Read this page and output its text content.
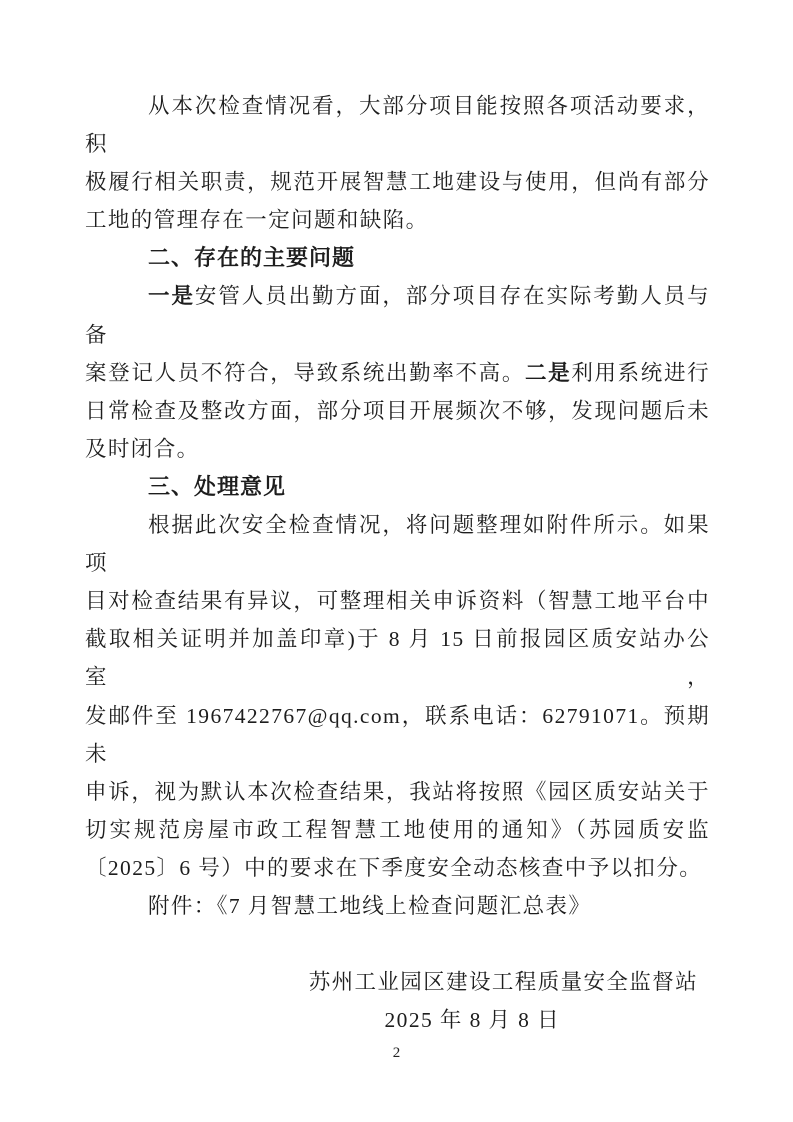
从本次检查情况看，大部分项目能按照各项活动要求，积
极履行相关职责，规范开展智慧工地建设与使用，但尚有部分
工地的管理存在一定问题和缺陷。
二、存在的主要问题
一是安管人员出勤方面，部分项目存在实际考勤人员与备
案登记人员不符合，导致系统出勤率不高。二是利用系统进行
日常检查及整改方面，部分项目开展频次不够，发现问题后未
及时闭合。
三、处理意见
根据此次安全检查情况，将问题整理如附件所示。如果项
目对检查结果有异议，可整理相关申诉资料（智慧工地平台中
截取相关证明并加盖印章)于 8 月 15 日前报园区质安站办公室，
发邮件至 1967422767@qq.com，联系电话：62791071。预期未
申诉，视为默认本次检查结果，我站将按照《园区质安站关于
切实规范房屋市政工程智慧工地使用的通知》（苏园质安监
〔2025〕6 号）中的要求在下季度安全动态核查中予以扣分。
附件：《7 月智慧工地线上检查问题汇总表》
苏州工业园区建设工程质量安全监督站
2025 年 8 月 8 日
2
